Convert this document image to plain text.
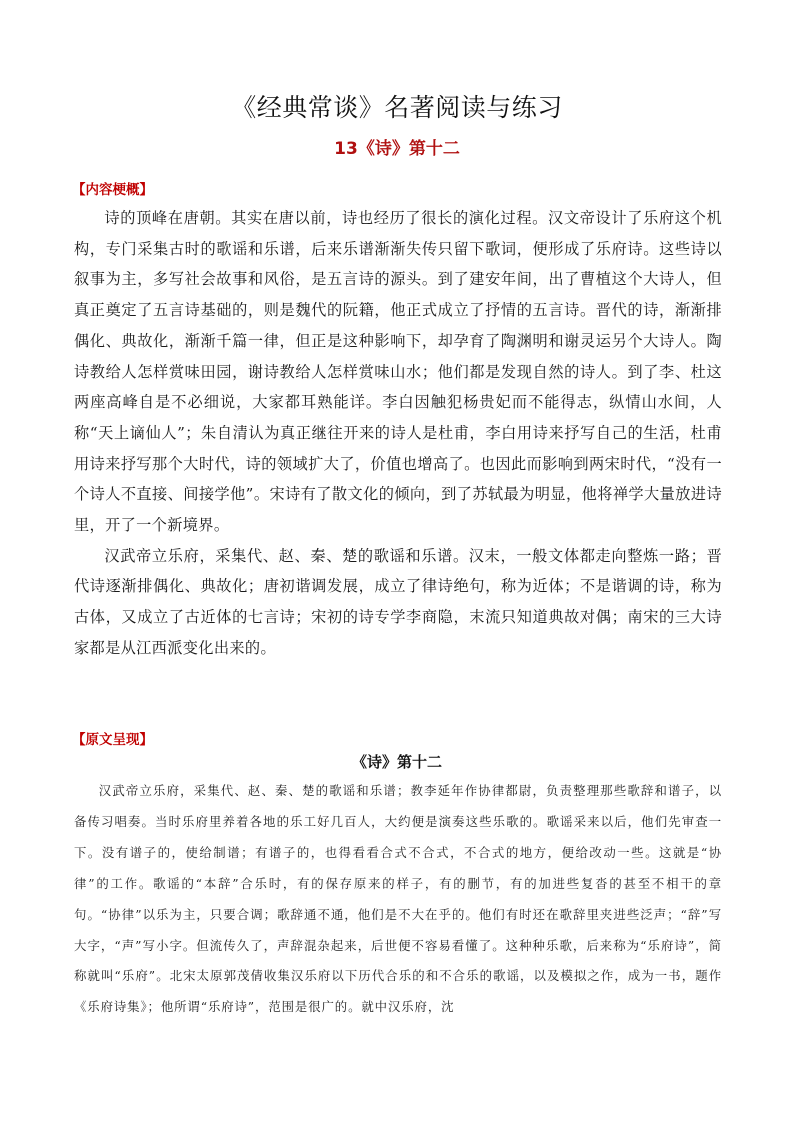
《经典常谈》名著阅读与练习
13《诗》第十二
【内容梗概】

诗的顶峰在唐朝。其实在唐以前，诗也经历了很长的演化过程。汉文帝设计了乐府这个机构，专门采集古时的歌谣和乐谱，后来乐谱渐渐失传只留下歌词，便形成了乐府诗。这些诗以叙事为主，多写社会故事和风俗，是五言诗的源头。到了建安年间，出了曹植这个大诗人，但真正奠定了五言诗基础的，则是魏代的阮籍，他正式成立了抒情的五言诗。晋代的诗，渐渐排偶化、典故化，渐渐千篇一律，但正是这种影响下，却孕育了陶渊明和谢灵运另个大诗人。陶诗教给人怎样赏味田园，谢诗教给人怎样赏味山水；他们都是发现自然的诗人。到了李、杜这两座高峰自是不必细说，大家都耳熟能详。李白因触犯杨贵妃而不能得志，纵情山水间，人称“天上谪仙人”；朱自清认为真正继往开来的诗人是杜甫，李白用诗来抒写自己的生活，杜甫用诗来抒写那个大时代，诗的领域扩大了，价值也增高了。也因此而影响到两宋时代，“没有一个诗人不直接、间接学他”。宋诗有了散文化的倾向，到了苏轼最为明显，他将禅学大量放进诗里，开了一个新境界。

汉武帝立乐府，采集代、赵、秦、楚的歌谣和乐谱。汉末，一般文体都走向整炼一路；晋代诗逐渐排偶化、典故化；唐初谐调发展，成立了律诗绝句，称为近体；不是谐调的诗，称为古体，又成立了古近体的七言诗；宋初的诗专学李商隐，末流只知道典故对偶；南宋的三大诗家都是从江西派变化出来的。

【原文呈现】
《诗》第十二

汉武帝立乐府，采集代、赵、秦、楚的歌谣和乐谱；教李延年作协律都尉，负责整理那些歌辞和谱子，以备传习唱奏。当时乐府里养着各地的乐工好几百人，大约便是演奏这些乐歌的。歌谣采来以后，他们先审查一下。没有谱子的，使给制谱；有谱子的，也得看看合式不合式，不合式的地方，便给改动一些。这就是“协律”的工作。歌谣的“本辞”合乐时，有的保存原来的样子，有的删节，有的加进些复沓的甚至不相干的章句。“协律”以乐为主，只要合调；歌辞通不通，他们是不大在乎的。他们有时还在歌辞里夹进些泛声；“辞”写大字，“声”写小字。但流传久了，声辞混杂起来，后世便不容易看懂了。这种种乐歌，后来称为“乐府诗”，简称就叫“乐府”。北宋太原郭茂倩收集汉乐府以下历代合乐的和不合乐的歌谣，以及模拟之作，成为一书，题作《乐府诗集》；他所谓“乐府诗”，范围是很广的。就中汉乐府，沈
